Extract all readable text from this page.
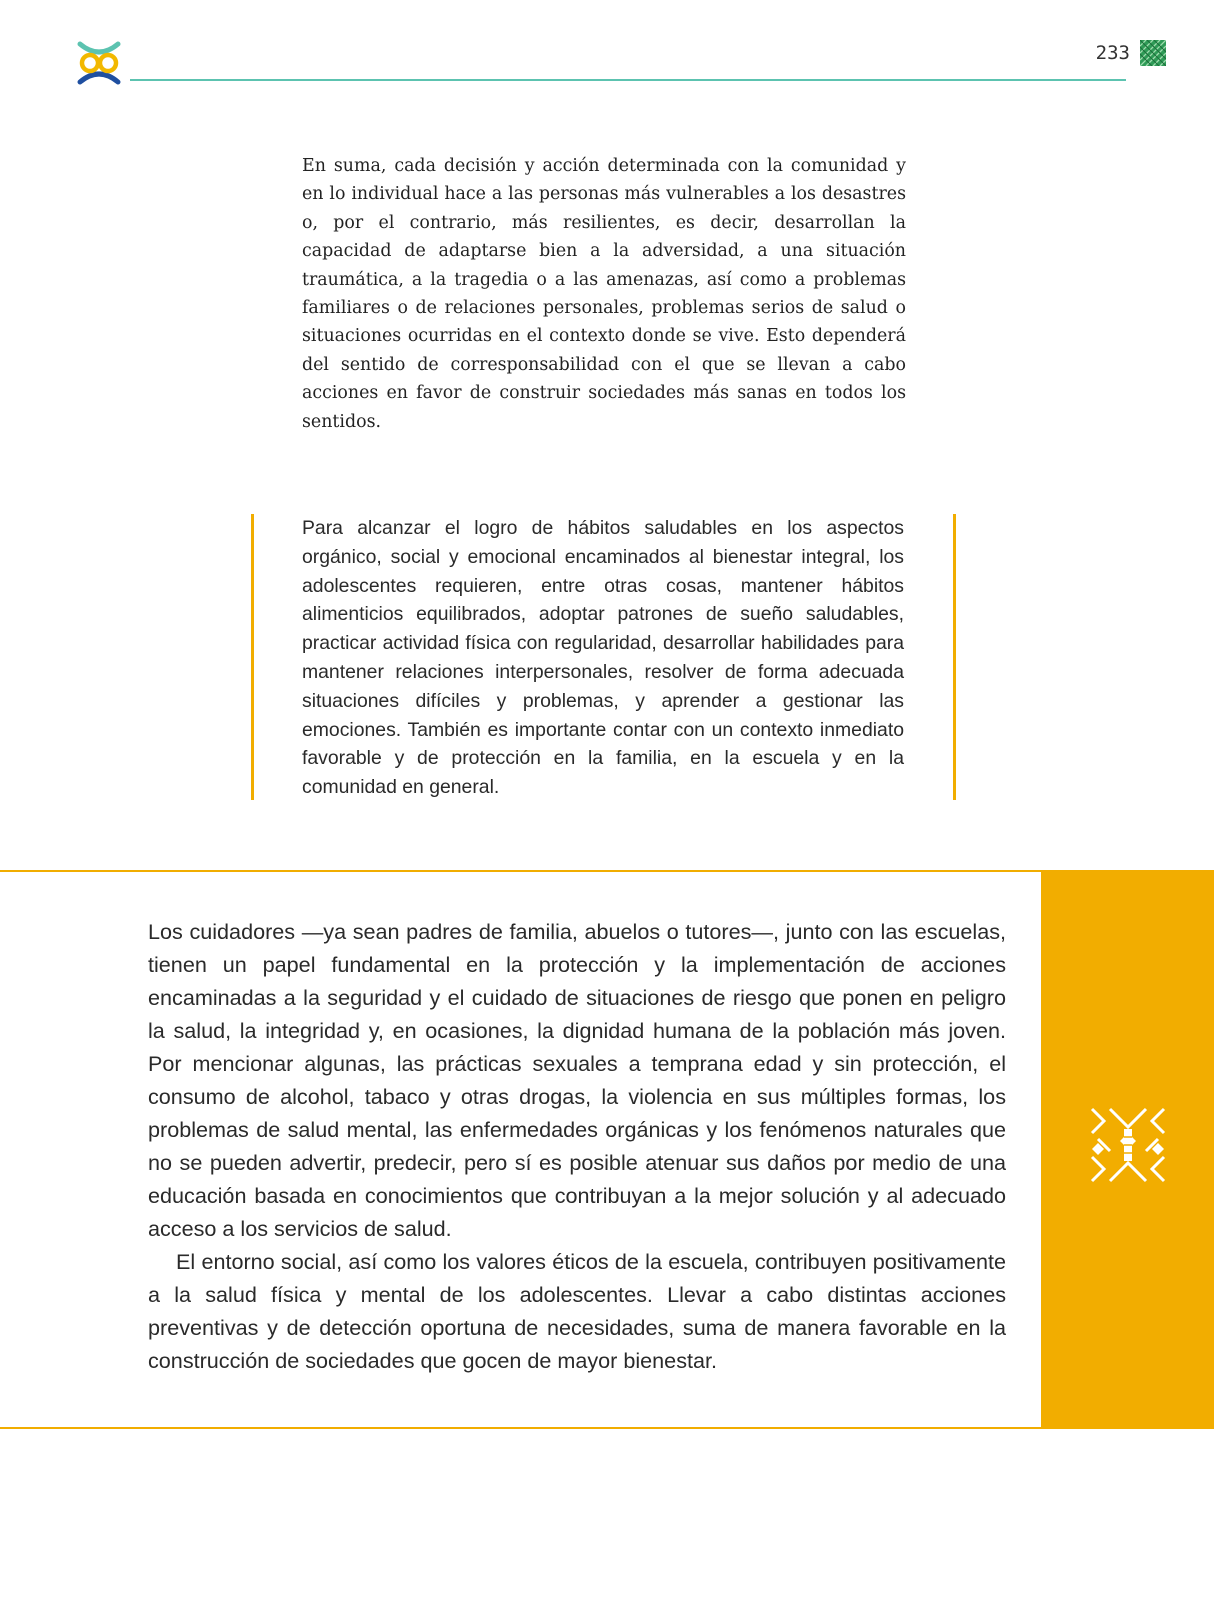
233

En suma, cada decisión y acción determinada con la comunidad y en lo individual hace a las personas más vulnerables a los desastres o, por el contrario, más resilientes, es decir, desarrollan la capacidad de adaptarse bien a la adversidad, a una situación traumática, a la tragedia o a las amenazas, así como a problemas familiares o de relaciones personales, problemas serios de salud o situaciones ocurridas en el contexto donde se vive. Esto dependerá del sentido de corresponsabilidad con el que se llevan a cabo acciones en favor de construir sociedades más sanas en todos los sentidos.

Para alcanzar el logro de hábitos saludables en los aspectos orgánico, social y emocional encaminados al bienestar integral, los adolescentes requieren, entre otras cosas, mantener hábitos alimenticios equilibrados, adoptar patrones de sueño saludables, practicar actividad física con regularidad, desarrollar habilidades para mantener relaciones interpersonales, resolver de forma adecuada situaciones difíciles y problemas, y aprender a gestionar las emociones. También es importante contar con un contexto inmediato favorable y de protección en la familia, en la escuela y en la comunidad en general.

Los cuidadores —ya sean padres de familia, abuelos o tutores—, junto con las escuelas, tienen un papel fundamental en la protección y la implementación de acciones encaminadas a la seguridad y el cuidado de situaciones de riesgo que ponen en peligro la salud, la integridad y, en ocasiones, la dignidad humana de la población más joven. Por mencionar algunas, las prácticas sexuales a temprana edad y sin protección, el consumo de alcohol, tabaco y otras drogas, la violencia en sus múltiples formas, los problemas de salud mental, las enfermedades orgánicas y los fenómenos naturales que no se pueden advertir, predecir, pero sí es posible atenuar sus daños por medio de una educación basada en conocimientos que contribuyan a la mejor solución y al adecuado acceso a los servicios de salud.

El entorno social, así como los valores éticos de la escuela, contribuyen positivamente a la salud física y mental de los adolescentes. Llevar a cabo distintas acciones preventivas y de detección oportuna de necesidades, suma de manera favorable en la construcción de sociedades que gocen de mayor bienestar.
